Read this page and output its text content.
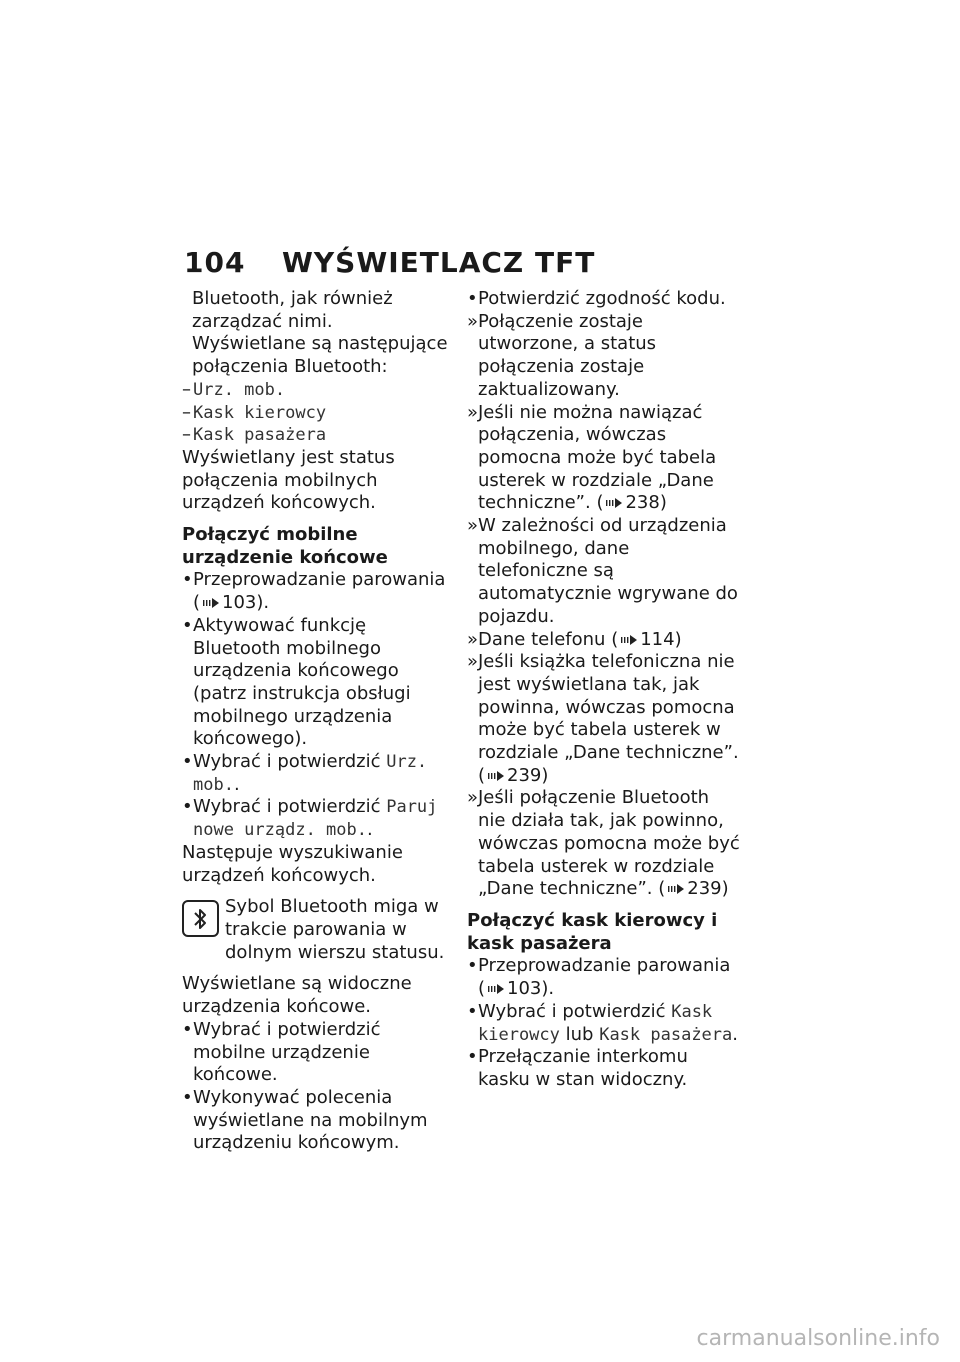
104 WYŚWIETLACZ TFT

Bluetooth, jak również zarządzać nimi. Wyświetlane są następujące połączenia Bluetooth:

– Urz. mob.
– Kask kierowcy
– Kask pasażera

Wyświetlany jest status połączenia mobilnych urządzeń końcowych.

Połączyć mobilne urządzenie końcowe

• Przeprowadzanie parowania ( 103).
• Aktywować funkcję Bluetooth mobilnego urządzenia końcowego (patrz instrukcja obsługi mobilnego urządzenia końcowego).
• Wybrać i potwierdzić Urz. mob..
• Wybrać i potwierdzić Paruj nowe urządz. mob..

Następuje wyszukiwanie urządzeń końcowych.

Sybol Bluetooth miga w trakcie parowania w dolnym wierszu statusu.

Wyświetlane są widoczne urządzenia końcowe.

• Wybrać i potwierdzić mobilne urządzenie końcowe.
• Wykonywać polecenia wyświetlane na mobilnym urządzeniu końcowym.
• Potwierdzić zgodność kodu.
» Połączenie zostaje utworzone, a status połączenia zostaje zaktualizowany.
» Jeśli nie można nawiązać połączenia, wówczas pomocna może być tabela usterek w rozdziale „Dane techniczne”. ( 238)
» W zależności od urządzenia mobilnego, dane telefoniczne są automatycznie wgrywane do pojazdu.
» Dane telefonu ( 114)
» Jeśli książka telefoniczna nie jest wyświetlana tak, jak powinna, wówczas pomocna może być tabela usterek w rozdziale „Dane techniczne”. ( 239)
» Jeśli połączenie Bluetooth nie działa tak, jak powinno, wówczas pomocna może być tabela usterek w rozdziale „Dane techniczne”. ( 239)

Połączyć kask kierowcy i kask pasażera

• Przeprowadzanie parowania ( 103).
• Wybrać i potwierdzić Kask kierowcy lub Kask pasażera.
• Przełączanie interkomu kasku w stan widoczny.
carmanualsonline.info
